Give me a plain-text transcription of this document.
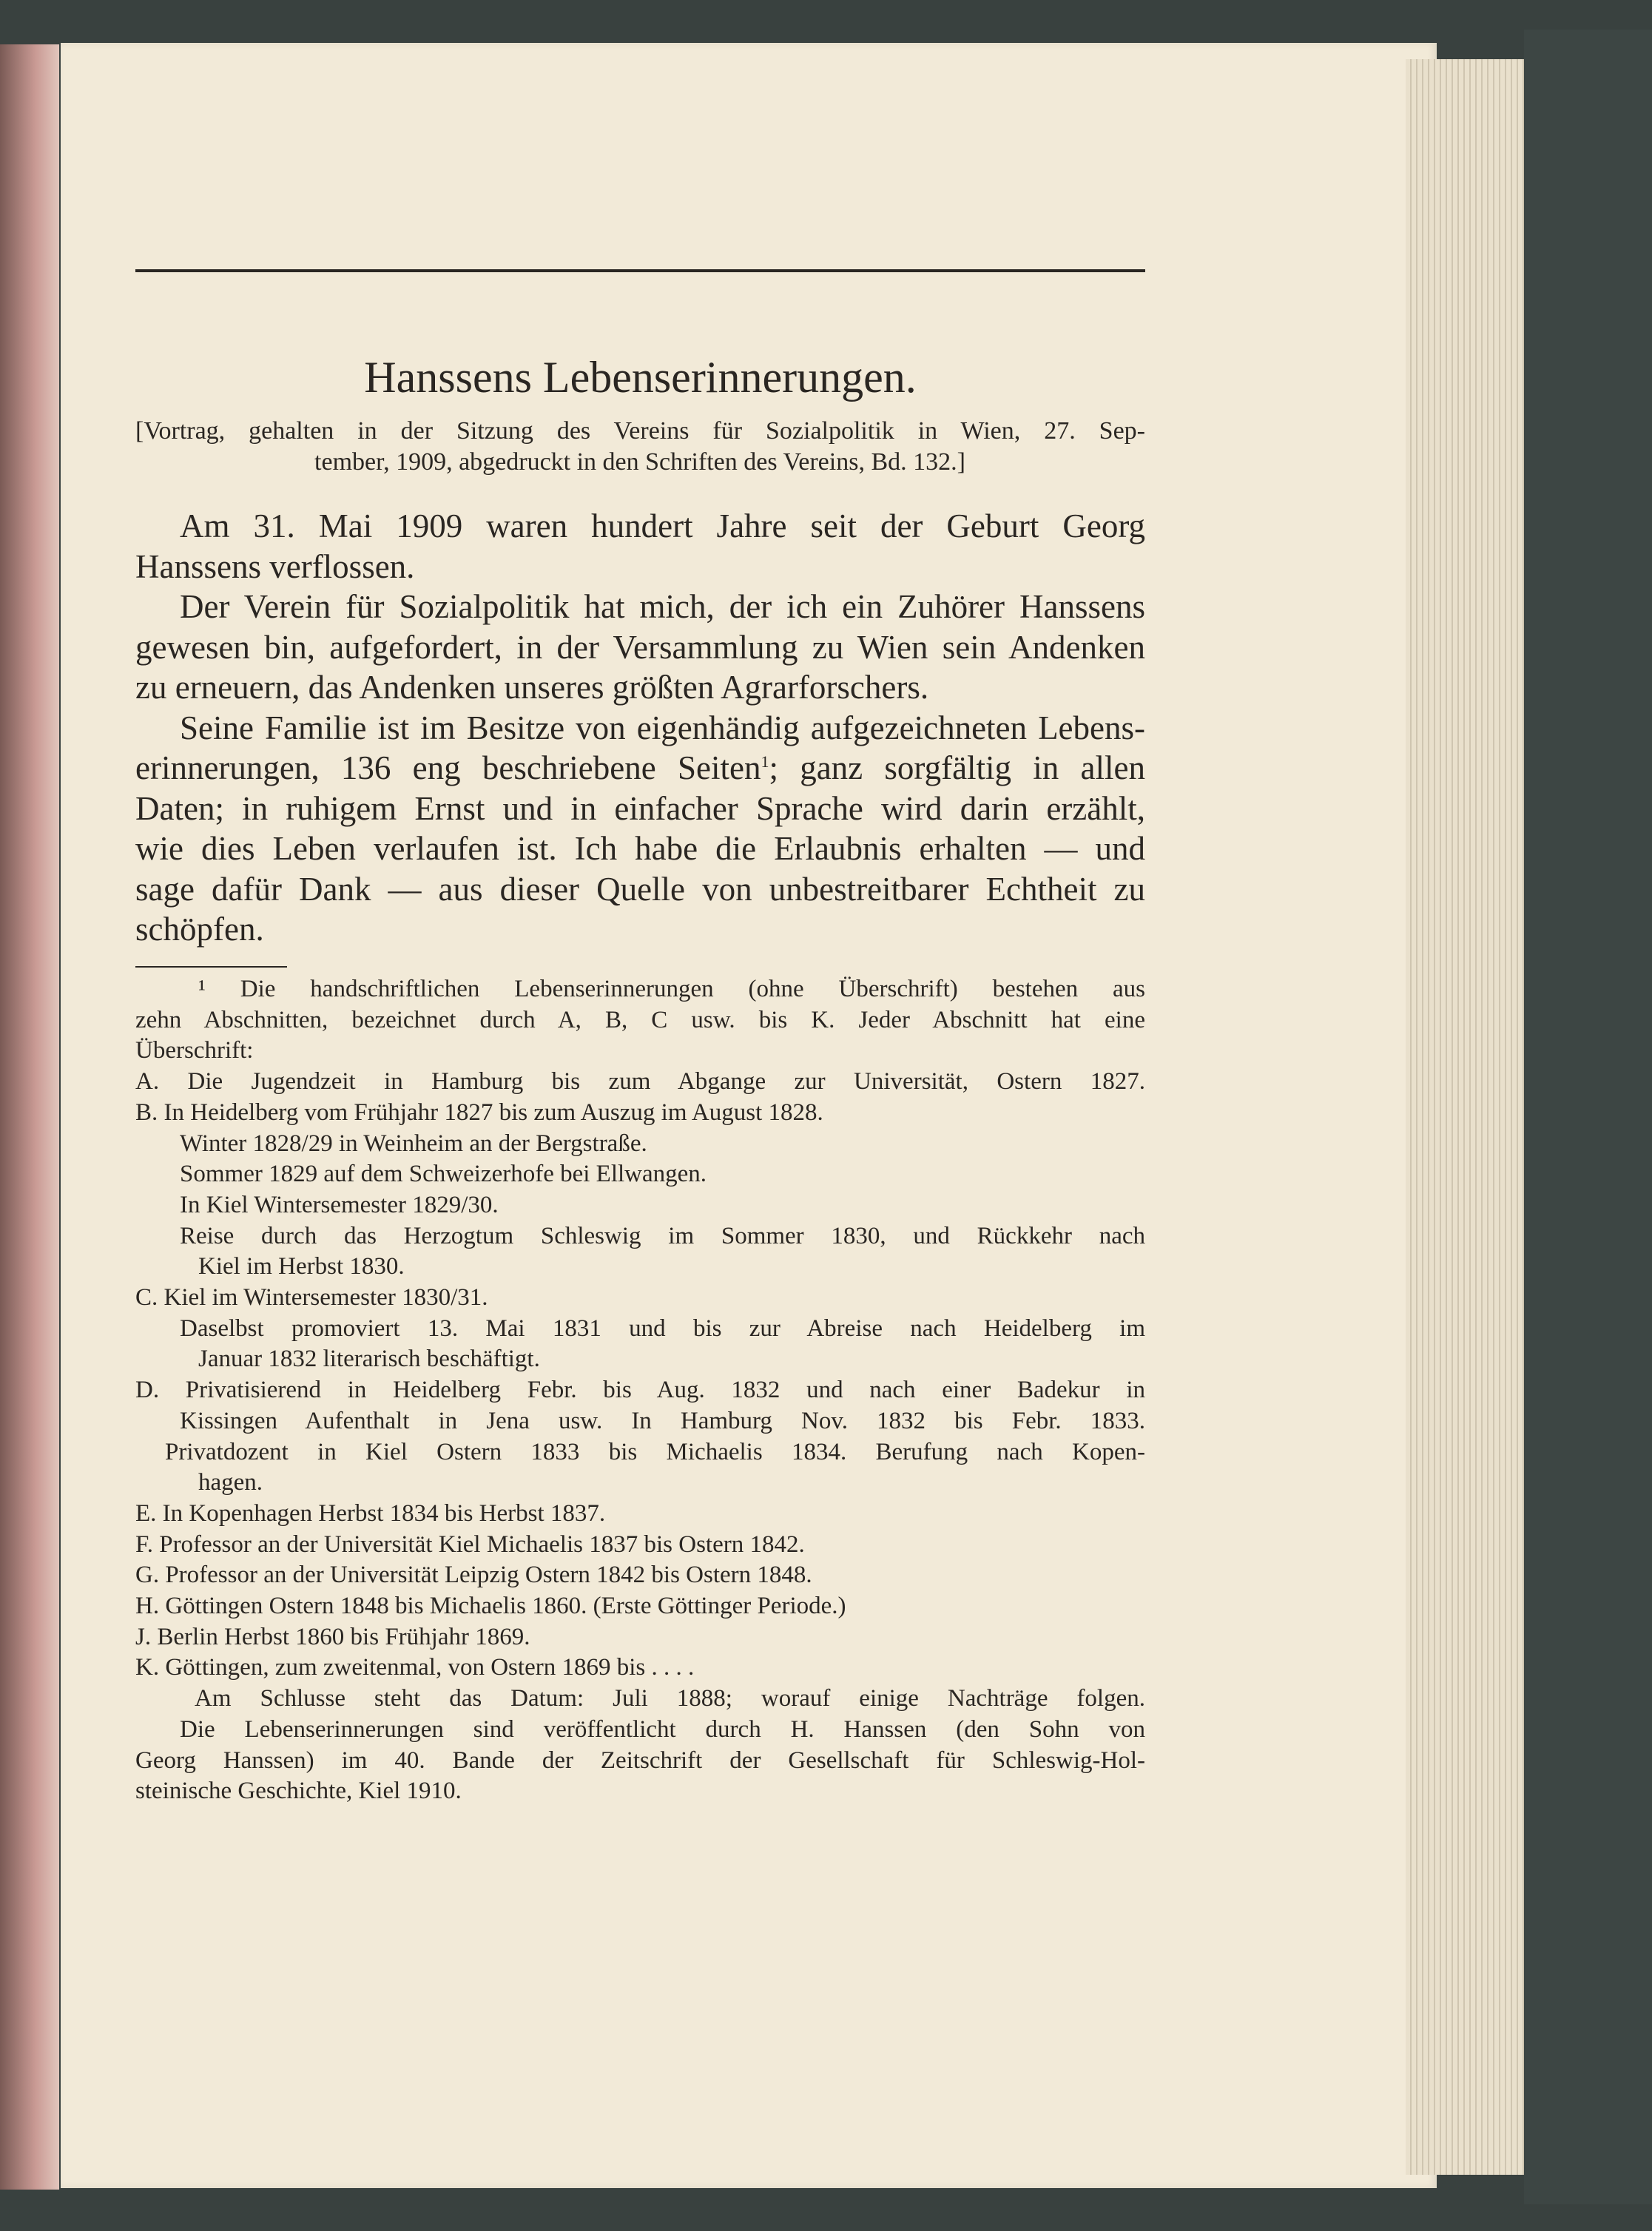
Hanssens Lebenserinnerungen.
[Vortrag, gehalten in der Sitzung des Vereins für Sozialpolitik in Wien, 27. Sep-
tember, 1909, abgedruckt in den Schriften des Vereins, Bd. 132.]
Am 31. Mai 1909 waren hundert Jahre seit der Geburt Georg
Hanssens verflossen.
Der Verein für Sozialpolitik hat mich, der ich ein Zuhörer Hanssens
gewesen bin, aufgefordert, in der Versammlung zu Wien sein Andenken
zu erneuern, das Andenken unseres größten Agrarforschers.
Seine Familie ist im Besitze von eigenhändig aufgezeichneten Lebens-
erinnerungen, 136 eng beschriebene Seiten$^1$; ganz sorgfältig in allen
Daten; in ruhigem Ernst und in einfacher Sprache wird darin erzählt,
wie dies Leben verlaufen ist. Ich habe die Erlaubnis erhalten — und
sage dafür Dank — aus dieser Quelle von unbestreitbarer Echtheit zu
schöpfen.
¹ Die handschriftlichen Lebenserinnerungen (ohne Überschrift) bestehen aus
zehn Abschnitten, bezeichnet durch A, B, C usw. bis K. Jeder Abschnitt hat eine
Überschrift:
A. Die Jugendzeit in Hamburg bis zum Abgange zur Universität, Ostern 1827.
B. In Heidelberg vom Frühjahr 1827 bis zum Auszug im August 1828.
Winter 1828/29 in Weinheim an der Bergstraße.
Sommer 1829 auf dem Schweizerhofe bei Ellwangen.
In Kiel Wintersemester 1829/30.
Reise durch das Herzogtum Schleswig im Sommer 1830, und Rückkehr nach
Kiel im Herbst 1830.
C. Kiel im Wintersemester 1830/31.
Daselbst promoviert 13. Mai 1831 und bis zur Abreise nach Heidelberg im
Januar 1832 literarisch beschäftigt.
D. Privatisierend in Heidelberg Febr. bis Aug. 1832 und nach einer Badekur in
Kissingen Aufenthalt in Jena usw. In Hamburg Nov. 1832 bis Febr. 1833.
Privatdozent in Kiel Ostern 1833 bis Michaelis 1834. Berufung nach Kopen-
hagen.
E. In Kopenhagen Herbst 1834 bis Herbst 1837.
F. Professor an der Universität Kiel Michaelis 1837 bis Ostern 1842.
G. Professor an der Universität Leipzig Ostern 1842 bis Ostern 1848.
H. Göttingen Ostern 1848 bis Michaelis 1860. (Erste Göttinger Periode.)
J. Berlin Herbst 1860 bis Frühjahr 1869.
K. Göttingen, zum zweitenmal, von Ostern 1869 bis . . . .
Am Schlusse steht das Datum: Juli 1888; worauf einige Nachträge folgen.
Die Lebenserinnerungen sind veröffentlicht durch H. Hanssen (den Sohn von
Georg Hanssen) im 40. Bande der Zeitschrift der Gesellschaft für Schleswig-Hol-
steinische Geschichte, Kiel 1910.
